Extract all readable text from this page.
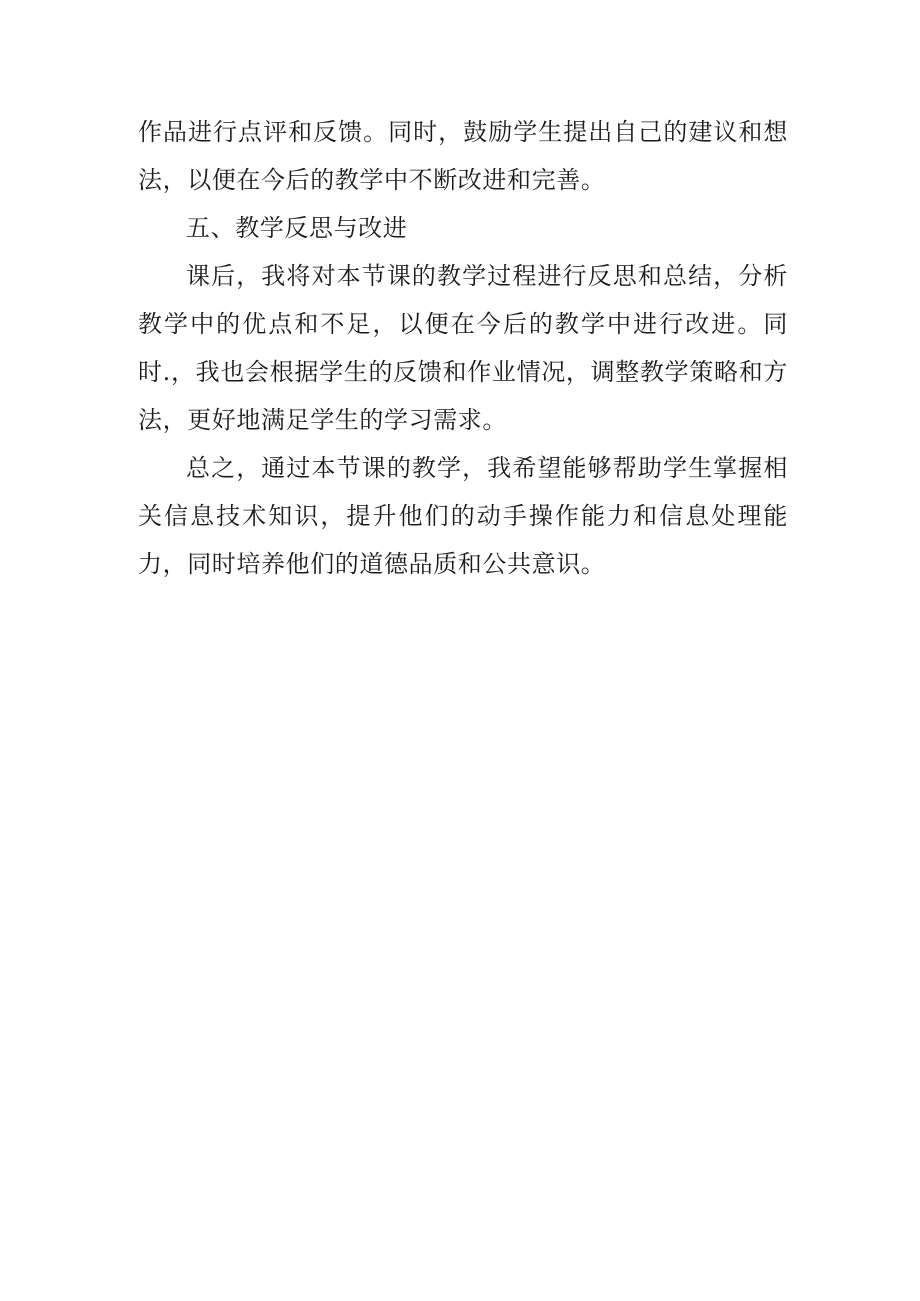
作品进行点评和反馈。同时，鼓励学生提出自己的建议和想法，以便在今后的教学中不断改进和完善。

五、教学反思与改进

课后，我将对本节课的教学过程进行反思和总结，分析教学中的优点和不足，以便在今后的教学中进行改进。同时.，我也会根据学生的反馈和作业情况，调整教学策略和方法，更好地满足学生的学习需求。

总之，通过本节课的教学，我希望能够帮助学生掌握相关信息技术知识，提升他们的动手操作能力和信息处理能力，同时培养他们的道德品质和公共意识。
